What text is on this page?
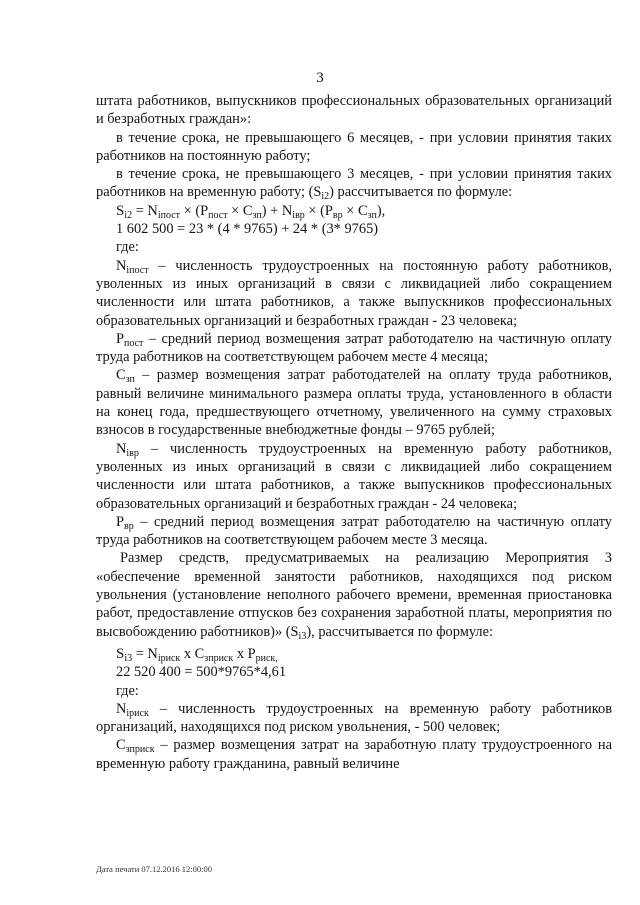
3

штата работников, выпускников профессиональных образовательных организаций и безработных граждан»:

в течение срока, не превышающего 6 месяцев, - при условии принятия таких работников на постоянную работу;

в течение срока, не превышающего 3 месяцев, - при условии принятия таких работников на временную работу; $(S_{i2})$ рассчитывается по формуле:

$S_{i2} = N_{iпост} \times (P_{пост} \times C_{зп}) + N_{iвр} \times (P_{вр} \times C_{зп})$,

1 602 500 = 23 * (4 * 9765) + 24 * (3* 9765)

где:

$N_{iпост}$ – численность трудоустроенных на постоянную работу работников, уволенных из иных организаций в связи с ликвидацией либо сокращением численности или штата работников, а также выпускников профессиональных образовательных организаций и безработных граждан - 23 человека;

$P_{пост}$ – средний период возмещения затрат работодателю на частичную оплату труда работников на соответствующем рабочем месте 4 месяца;

$C_{зп}$ – размер возмещения затрат работодателей на оплату труда работников, равный величине минимального размера оплаты труда, установленного в области на конец года, предшествующего отчетному, увеличенного на сумму страховых взносов в государственные внебюджетные фонды – 9765 рублей;

$N_{iвр}$ – численность трудоустроенных на временную работу работников, уволенных из иных организаций в связи с ликвидацией либо сокращением численности или штата работников, а также выпускников профессиональных образовательных организаций и безработных граждан - 24 человека;

$P_{вр}$ – средний период возмещения затрат работодателю на частичную оплату труда работников на соответствующем рабочем месте 3 месяца.

Размер средств, предусматриваемых на реализацию Мероприятия 3 «обеспечение временной занятости работников, находящихся под риском увольнения (установление неполного рабочего времени, временная приостановка работ, предоставление отпусков без сохранения заработной платы, мероприятия по высвобождению работников)» $(S_{i3})$, рассчитывается по формуле:

$S_{i3} = N_{iриск}$ x $C_{зприск}$ x $P_{риск,}$

22 520 400 = 500*9765*4,61

где:

$N_{iриск}$ – численность трудоустроенных на временную работу работников организаций, находящихся под риском увольнения, - 500 человек;

$C_{зприск}$ – размер возмещения затрат на заработную плату трудоустроенного на временную работу гражданина, равный величине

Дата печати 07.12.2016 12:00:00
